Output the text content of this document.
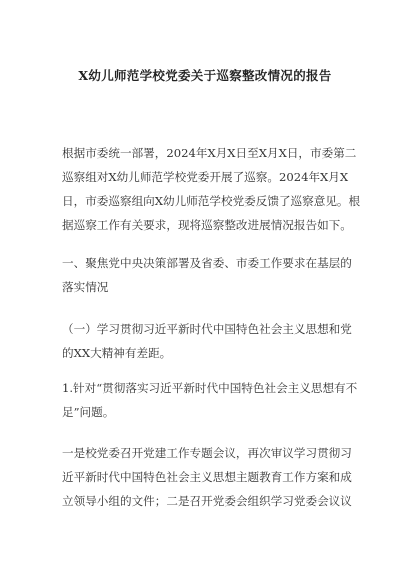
X幼儿师范学校党委关于巡察整改情况的报告

根据市委统一部署，2024年X月X日至X月X日，市委第二
巡察组对X幼儿师范学校党委开展了巡察。2024年X月X
日，市委巡察组向X幼儿师范学校党委反馈了巡察意见。根
据巡察工作有关要求，现将巡察整改进展情况报告如下。

一、聚焦党中央决策部署及省委、市委工作要求在基层的
落实情况

（一）学习贯彻习近平新时代中国特色社会主义思想和党
的XX大精神有差距。

1.针对“贯彻落实习近平新时代中国特色社会主义思想有不
足”问题。

一是校党委召开党建工作专题会议，再次审议学习贯彻习
近平新时代中国特色社会主义思想主题教育工作方案和成
立领导小组的文件；二是召开党委会组织学习党委会议议
